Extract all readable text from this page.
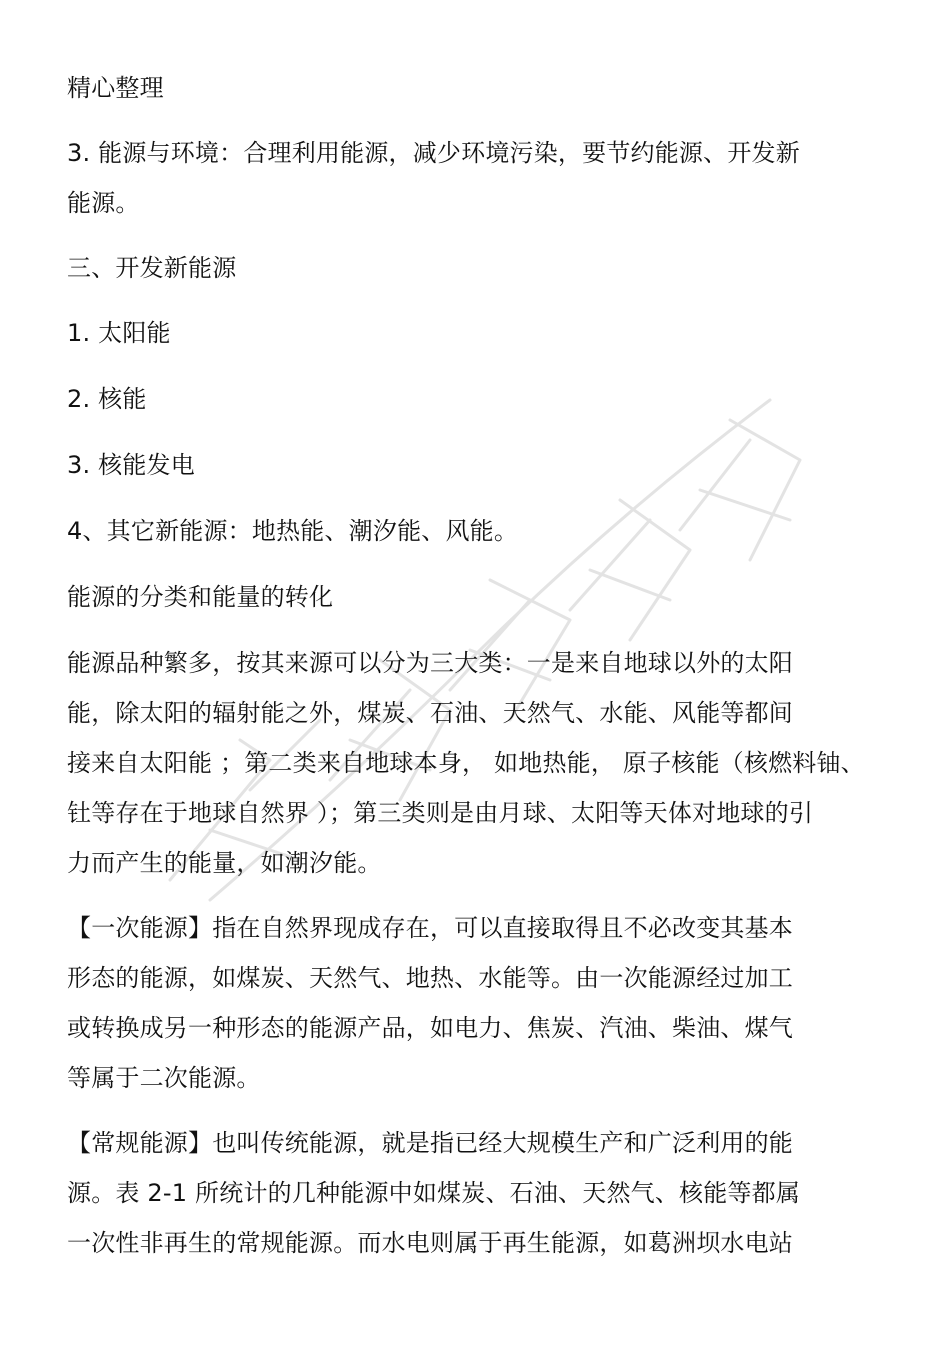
精心整理
3. 能源与环境：合理利用能源，减少环境污染，要节约能源、开发新
能源。
三、开发新能源
1. 太阳能
2. 核能
3. 核能发电
4、其它新能源：地热能、潮汐能、风能。
能源的分类和能量的转化
能源品种繁多，按其来源可以分为三大类：一是来自地球以外的太阳
能，除太阳的辐射能之外，煤炭、石油、天然气、水能、风能等都间
接来自太阳能 ；第二类来自地球本身， 如地热能， 原子核能（核燃料铀、
钍等存在于地球自然界 ）；第三类则是由月球、太阳等天体对地球的引
力而产生的能量，如潮汐能。
【一次能源】指在自然界现成存在，可以直接取得且不必改变其基本
形态的能源，如煤炭、天然气、地热、水能等。由一次能源经过加工
或转换成另一种形态的能源产品，如电力、焦炭、汽油、柴油、煤气
等属于二次能源。
【常规能源】也叫传统能源，就是指已经大规模生产和广泛利用的能
源。表 2-1 所统计的几种能源中如煤炭、石油、天然气、核能等都属
一次性非再生的常规能源。而水电则属于再生能源，如葛洲坝水电站
